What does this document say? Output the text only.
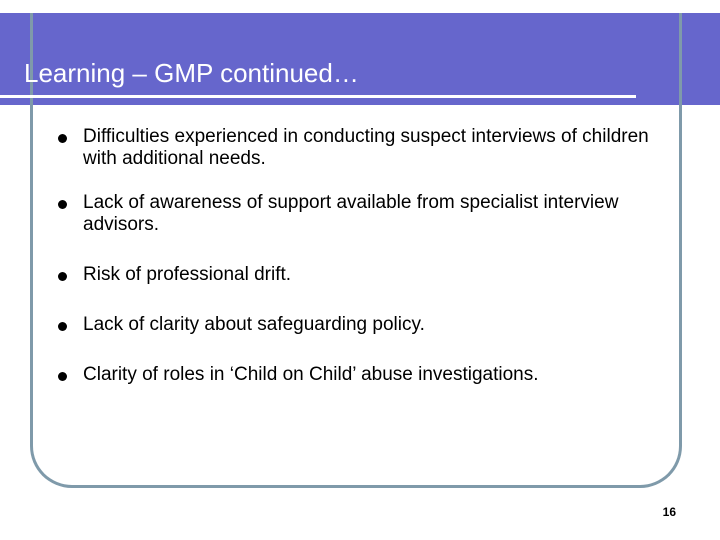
Learning – GMP continued…
Difficulties experienced in conducting suspect interviews of children with additional needs.
Lack of awareness of support available from specialist interview advisors.
Risk of professional drift.
Lack of clarity about safeguarding policy.
Clarity of roles in ‘Child on Child’ abuse investigations.
16
